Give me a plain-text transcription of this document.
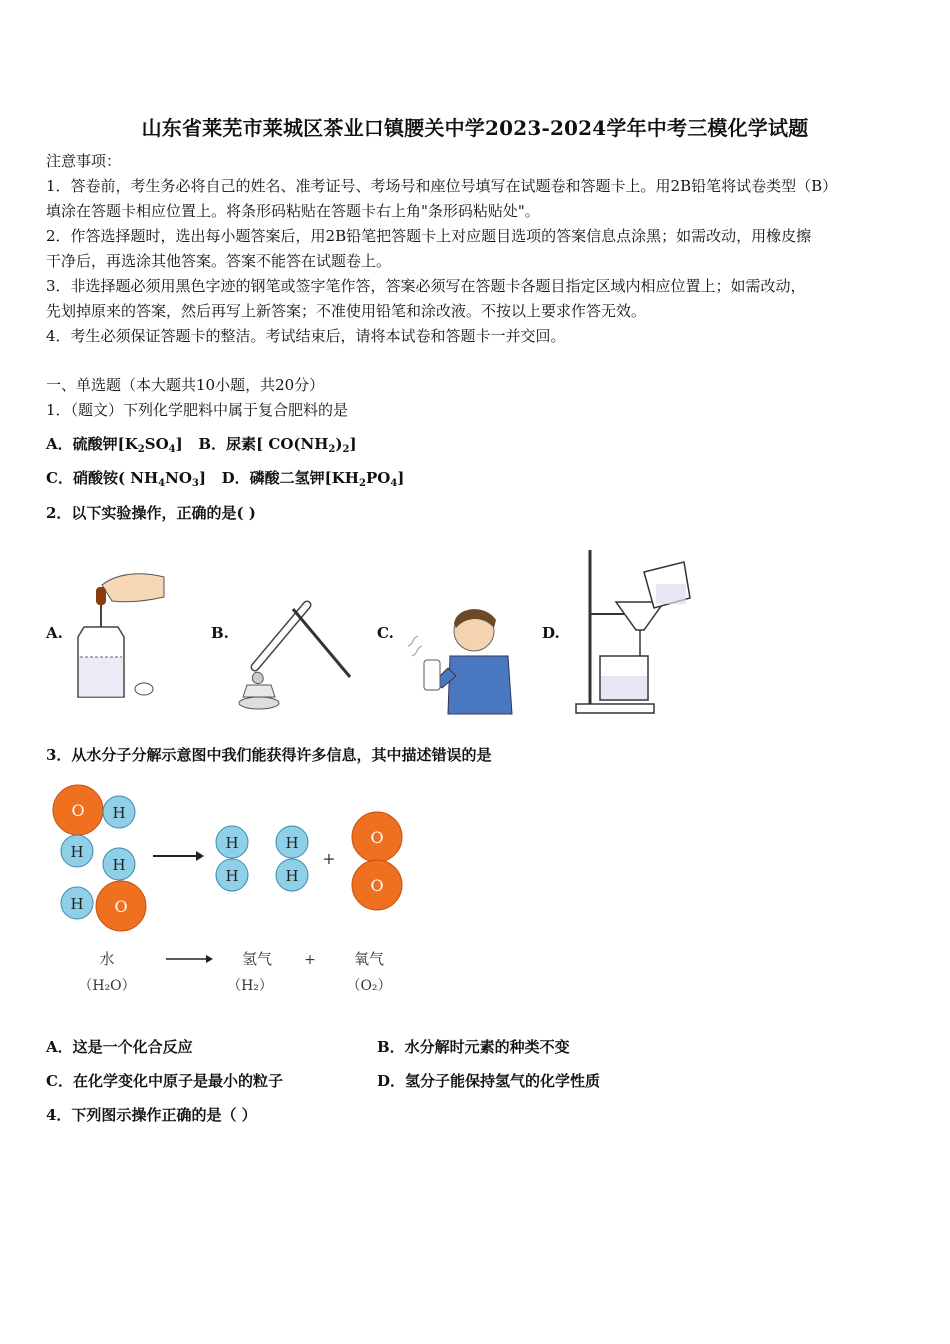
山东省莱芜市莱城区茶业口镇腰关中学2023-2024学年中考三模化学试题
注意事项：
1．答卷前，考生务必将自己的姓名、准考证号、考场号和座位号填写在试题卷和答题卡上。用2B铅笔将试卷类型（B）
填涂在答题卡相应位置上。将条形码粘贴在答题卡右上角"条形码粘贴处"。
2．作答选择题时，选出每小题答案后，用2B铅笔把答题卡上对应题目选项的答案信息点涂黑；如需改动，用橡皮擦
干净后，再选涂其他答案。答案不能答在试题卷上。
3．非选择题必须用黑色字迹的钢笔或签字笔作答，答案必须写在答题卡各题目指定区域内相应位置上；如需改动，
先划掉原来的答案，然后再写上新答案；不准使用铅笔和涂改液。不按以上要求作答无效。
4．考生必须保证答题卡的整洁。考试结束后，请将本试卷和答题卡一并交回。
一、单选题（本大题共10小题，共20分）
1．（题文）下列化学肥料中属于复合肥料的是
A．硫酸钾$[K_2SO_4]$ B．尿素[ $CO(NH_2)_2$]
C．硝酸铵( $NH_4NO_3$] D．磷酸二氢钾$[KH_2PO_4]$
2．以下实验操作，正确的是( )
A.	B.	C.	D.
3．从水分子分解示意图中我们能获得许多信息，其中描述错误的是
O H
H
H
H O
H
H
H
H
+
O
O
水	氢气 +	氧气
（H₂O）	（H₂）	（O₂）
A．这是一个化合反应	B．水分解时元素的种类不变
C．在化学变化中原子是最小的粒子	D．氢分子能保持氢气的化学性质
4．下列图示操作正确的是（ ）
